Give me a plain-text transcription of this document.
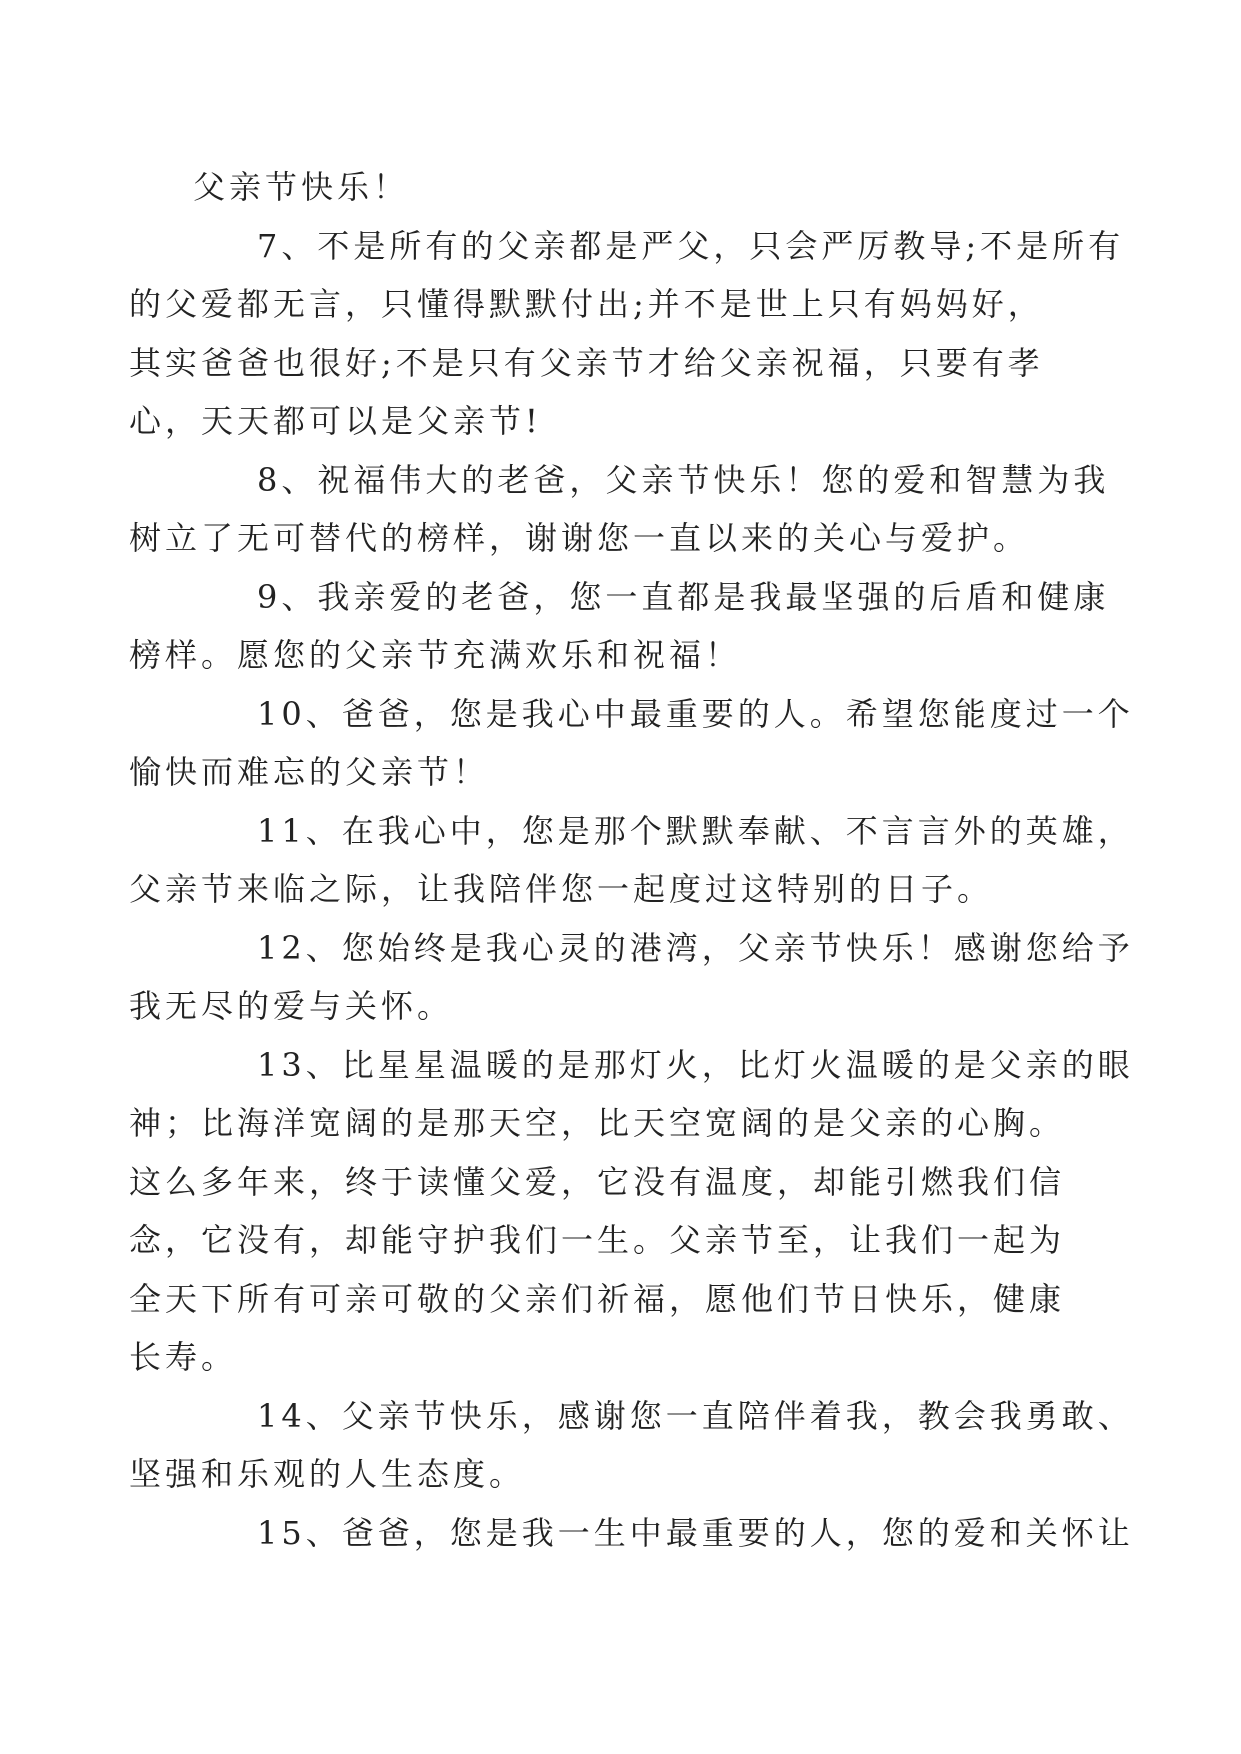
父亲节快乐！

7、不是所有的父亲都是严父，只会严厉教导;不是所有
的父爱都无言，只懂得默默付出;并不是世上只有妈妈好，
其实爸爸也很好;不是只有父亲节才给父亲祝福，只要有孝
心，天天都可以是父亲节!

8、祝福伟大的老爸，父亲节快乐！您的爱和智慧为我
树立了无可替代的榜样，谢谢您一直以来的关心与爱护。

9、我亲爱的老爸，您一直都是我最坚强的后盾和健康
榜样。愿您的父亲节充满欢乐和祝福！

10、爸爸，您是我心中最重要的人。希望您能度过一个
愉快而难忘的父亲节！

11、在我心中，您是那个默默奉献、不言言外的英雄，
父亲节来临之际，让我陪伴您一起度过这特别的日子。

12、您始终是我心灵的港湾，父亲节快乐！感谢您给予
我无尽的爱与关怀。

13、比星星温暖的是那灯火，比灯火温暖的是父亲的眼
神；比海洋宽阔的是那天空，比天空宽阔的是父亲的心胸。
这么多年来，终于读懂父爱，它没有温度，却能引燃我们信
念，它没有，却能守护我们一生。父亲节至，让我们一起为
全天下所有可亲可敬的父亲们祈福，愿他们节日快乐，健康
长寿。

14、父亲节快乐，感谢您一直陪伴着我，教会我勇敢、
坚强和乐观的人生态度。

15、爸爸，您是我一生中最重要的人，您的爱和关怀让
